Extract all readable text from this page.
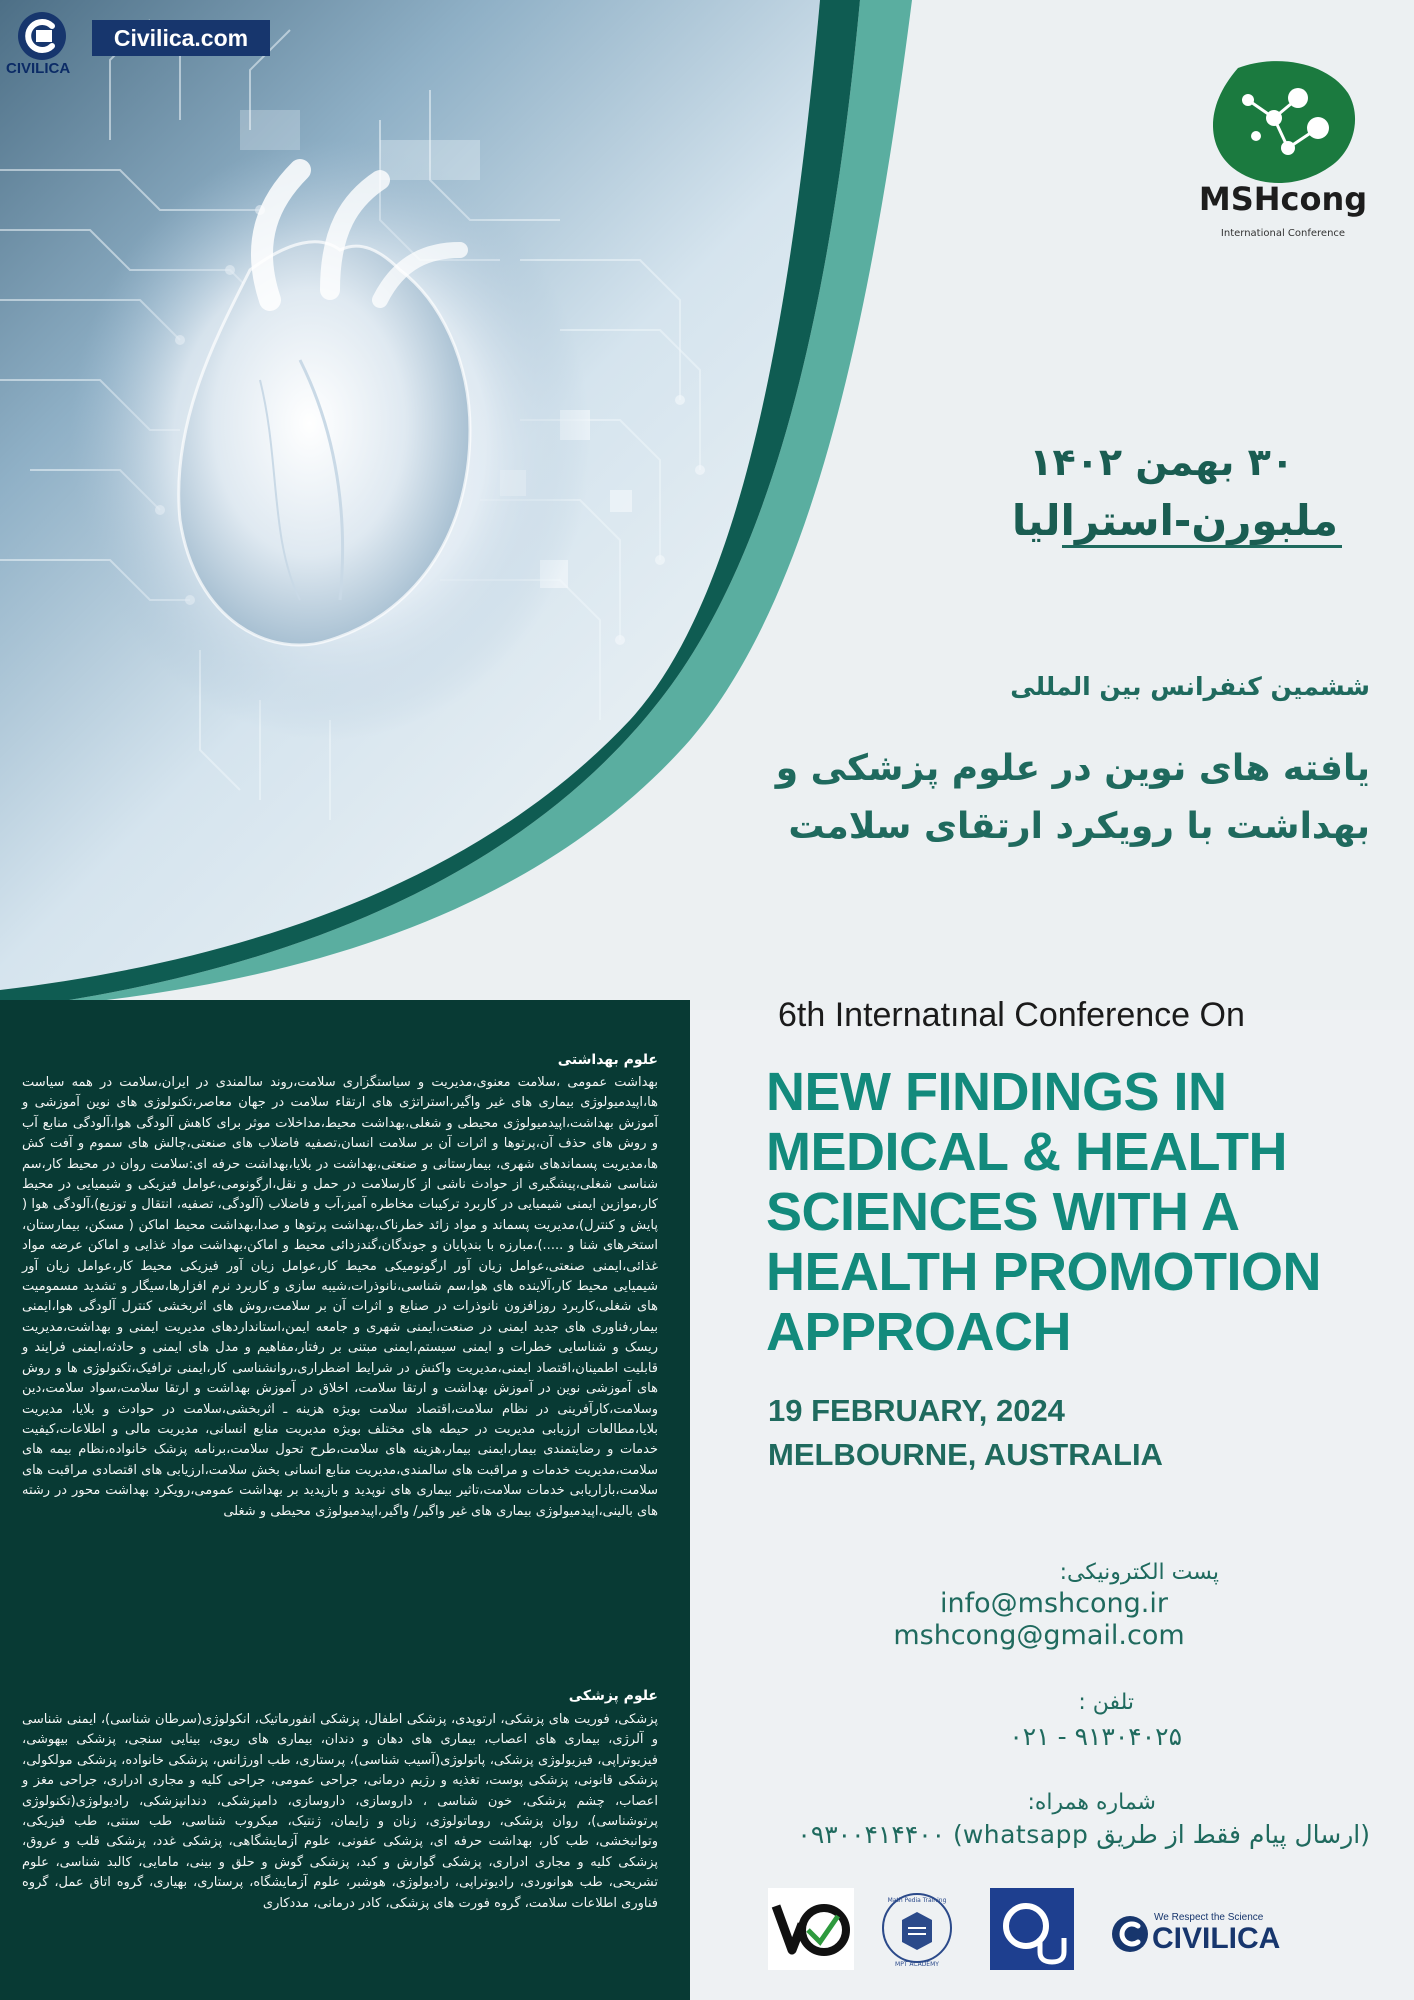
CIVILICA
Civilica.com
MSHcong
International Conference
۳۰ بهمن ۱۴۰۲
ملبورن-استرالیا
ششمین کنفرانس بین المللی
یافته های نوین در علوم پزشکی و
بهداشت با رویکرد ارتقای سلامت
6th Internatınal Conference On
NEW FINDINGS IN
MEDICAL & HEALTH
SCIENCES WITH A
HEALTH PROMOTION
APPROACH
19 FEBRUARY, 2024
MELBOURNE, AUSTRALIA
پست الکترونیکی:
info@mshcong.ir
mshcong@gmail.com
تلفن :
۰۲۱ - ۹۱۳۰۴۰۲۵
شماره همراه:
(ارسال پیام فقط از طریق whatsapp) ۰۹۳۰۰۴۱۴۴۰۰
Math Pedia Training
MPT ACADEMY
We Respect the Science
CIVILICA
علوم بهداشتی
بهداشت عمومی ،سلامت معنوی،مدیریت و سیاستگزاری سلامت،روند سالمندی در ایران،سلامت در همه سیاست ها،اپیدمیولوژی بیماری های غیر واگیر،استراتژی های ارتقاء سلامت در جهان معاصر،تکنولوژی های نوین آموزشی و آموزش بهداشت،اپیدمیولوژی محیطی و شغلی،بهداشت محیط،مداخلات موثر برای کاهش آلودگی هوا،آلودگی منابع آب و روش های حذف آن،پرتوها و اثرات آن بر سلامت انسان،تصفیه فاضلاب های صنعتی،چالش های سموم و آفت کش ها،مدیریت پسماندهای شهری، بیمارستانی و صنعتی،بهداشت در بلایا،بهداشت حرفه ای:سلامت روان در محیط کار،سم شناسی شغلی،پیشگیری از حوادث ناشی از کارسلامت در حمل و نقل،ارگونومی،عوامل فیزیکی و شیمیایی در محیط کار،موازین ایمنی شیمیایی در کاربرد ترکیبات مخاطره آمیز،آب و فاضلاب (آلودگی، تصفیه، انتقال و توزیع)،آلودگی هوا ( پایش و کنترل)،مدیریت پسماند و مواد زائد خطرناک،بهداشت پرتوها و صدا،بهداشت محیط اماکن ( مسکن، بیمارستان، استخرهای شنا و .....)،مبارزه با بندپایان و جوندگان،گندزدائی محیط و اماکن،بهداشت مواد غذایی و اماکن عرضه مواد غذائی،ایمنی صنعتی،عوامل زیان آور ارگونومیکی محیط کار،عوامل زیان آور فیزیکی محیط کار،عوامل زیان آور شیمیایی محیط کار،آلاینده های هوا،سم شناسی،نانوذرات،شیبه سازی و کاربرد نرم افزارها،سیگار و تشدید مسمومیت های شغلی،کاربرد روزافزون نانوذرات در صنایع و اثرات آن بر سلامت،روش های اثربخشی کنترل آلودگی هوا،ایمنی بیمار،فناوری های جدید ایمنی در صنعت،ایمنی شهری و جامعه ایمن،استانداردهای مدیریت ایمنی و بهداشت،مدیریت ریسک و شناسایی خطرات و ایمنی سیستم،ایمنی مبتنی بر رفتار،مفاهیم و مدل های ایمنی و حادثه،ایمنی فرایند و قابلیت اطمینان،اقتصاد ایمنی،مدیریت واکنش در شرایط اضطراری،روانشناسی کار،ایمنی ترافیک،تکنولوژی ها و روش های آموزشی نوین در آموزش بهداشت و ارتقا سلامت، اخلاق در آموزش بهداشت و ارتقا سلامت،سواد سلامت،دین وسلامت،کارآفرینی در نظام سلامت،اقتصاد سلامت بویژه هزینه ـ اثربخشی،سلامت در حوادث و بلایا، مدیریت بلایا،مطالعات ارزیابی مدیریت در حیطه های مختلف بویژه مدیریت منابع انسانی، مدیریت مالی و اطلاعات،کیفیت خدمات و رضایتمندی بیمار،ایمنی بیمار،هزینه های سلامت،طرح تحول سلامت،برنامه پزشک خانواده،نظام بیمه های سلامت،مدیریت خدمات و مراقبت های سالمندی،مدیریت منابع انسانی بخش سلامت،ارزیابی های اقتصادی مراقبت های سلامت،بازاریابی خدمات سلامت،تاثیر بیماری های نوپدید و بازپدید بر بهداشت عمومی،رویکرد بهداشت محور در رشته های بالینی،اپیدمیولوژی بیماری های غیر واگیر/ واگیر،اپیدمیولوژی محیطی و شغلی
علوم پزشکی
پزشکی، فوریت های پزشکی، ارتوپدی، پزشکی اطفال، پزشکی انفورماتیک، انکولوژی(سرطان شناسی)، ایمنی شناسی و آلرژی، بیماری های اعصاب، بیماری های دهان و دندان، بیماری های ریوی، بینایی سنجی، پزشکی بیهوشی، فیزیوتراپی، فیزیولوژی پزشکی، پاتولوژی(آسیب شناسی)، پرستاری، طب اورژانس، پزشکی خانواده، پزشکی مولکولی، پزشکی قانونی، پزشکی پوست، تغذیه و رژیم درمانی، جراحی عمومی، جراحی کلیه و مجاری ادراری، جراحی مغز و اعصاب، چشم پزشکی، خون شناسی ، داروسازی، داروسازی، دامپزشکی، دندانپزشکی، رادیولوژی(تکنولوژی پرتوشناسی)، روان پزشکی، روماتولوژی، زنان و زایمان، ژنتیک، میکروب شناسی، طب سنتی، طب فیزیکی، وتوانبخشی، طب کار، بهداشت حرفه ای، پزشکی عفونی، علوم آزمایشگاهی، پزشکی غدد، پزشکی قلب و عروق، پزشکی کلیه و مجاری ادراری، پزشکی گوارش و کبد، پزشکی گوش و حلق و بینی، مامایی، کالبد شناسی، علوم تشریحی، طب هوانوردی، رادیوتراپی، رادیولوژی، هوشبر، علوم آزمایشگاه، پرستاری، بهیاری، گروه اتاق عمل، گروه فناوری اطلاعات سلامت، گروه فورت های پزشکی، کادر درمانی، مددکاری
